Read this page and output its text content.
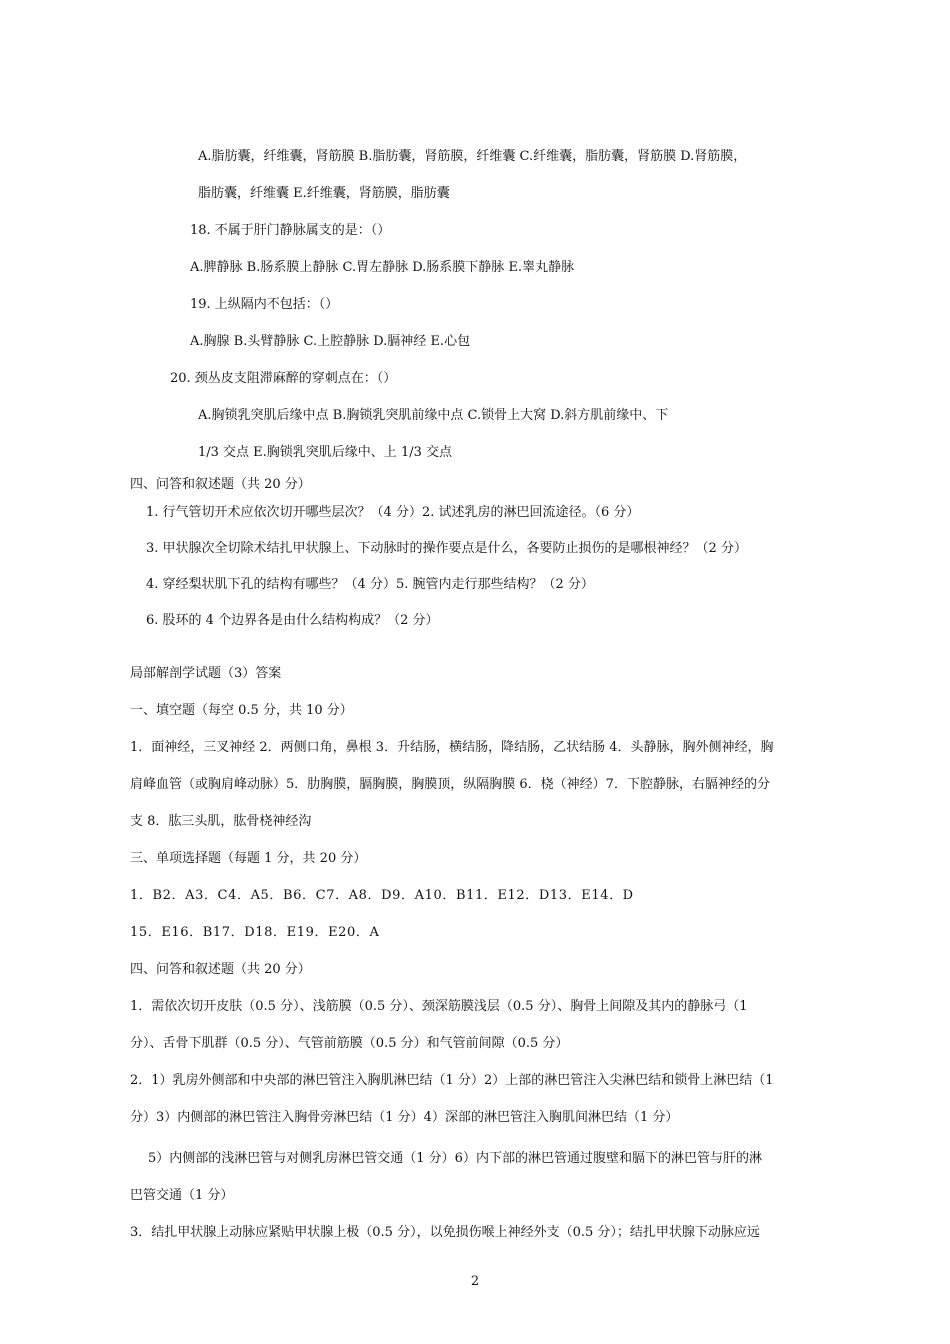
A.脂肪囊，纤维囊，肾筋膜 B.脂肪囊，肾筋膜，纤维囊 C.纤维囊，脂肪囊，肾筋膜 D.肾筋膜，
脂肪囊，纤维囊 E.纤维囊，肾筋膜，脂肪囊
18. 不属于肝门静脉属支的是：（）
A.脾静脉 B.肠系膜上静脉 C.胃左静脉 D.肠系膜下静脉 E.睾丸静脉
19. 上纵隔内不包括：（）
A.胸腺 B.头臂静脉 C.上腔静脉 D.膈神经 E.心包
20. 颈丛皮支阻滞麻醉的穿刺点在：（）
A.胸锁乳突肌后缘中点 B.胸锁乳突肌前缘中点 C.锁骨上大窝 D.斜方肌前缘中、下
1/3 交点 E.胸锁乳突肌后缘中、上 1/3 交点
四、问答和叙述题（共 20 分）
1. 行气管切开术应依次切开哪些层次？（4 分）2. 试述乳房的淋巴回流途径。（6 分）
3. 甲状腺次全切除术结扎甲状腺上、下动脉时的操作要点是什么，各要防止损伤的是哪根神经？（2 分）
4. 穿经梨状肌下孔的结构有哪些？（4 分）5. 腕管内走行那些结构？（2 分）
6. 股环的 4 个边界各是由什么结构构成？（2 分）
局部解剖学试题（3）答案
一、填空题（每空 0.5 分，共 10 分）
1．面神经，三叉神经 2．两侧口角，鼻根 3．升结肠，横结肠，降结肠，乙状结肠 4．头静脉，胸外侧神经，胸
肩峰血管（或胸肩峰动脉）5．肋胸膜，膈胸膜，胸膜顶，纵隔胸膜 6．桡（神经）7．下腔静脉，右膈神经的分
支 8．肱三头肌，肱骨桡神经沟
三、单项选择题（每题 1 分，共 20 分）
1．B2．A3．C4．A5．B6．C7．A8．D9．A10．B11．E12．D13．E14．D
15．E16．B17．D18．E19．E20．A
四、问答和叙述题（共 20 分）
1．需依次切开皮肤（0.5 分）、浅筋膜（0.5 分）、颈深筋膜浅层（0.5 分）、胸骨上间隙及其内的静脉弓（1
分）、舌骨下肌群（0.5 分）、气管前筋膜（0.5 分）和气管前间隙（0.5 分）
2．1）乳房外侧部和中央部的淋巴管注入胸肌淋巴结（1 分）2）上部的淋巴管注入尖淋巴结和锁骨上淋巴结（1
分）3）内侧部的淋巴管注入胸骨旁淋巴结（1 分）4）深部的淋巴管注入胸肌间淋巴结（1 分）
5）内侧部的浅淋巴管与对侧乳房淋巴管交通（1 分）6）内下部的淋巴管通过腹壁和膈下的淋巴管与肝的淋
巴管交通（1 分）
3．结扎甲状腺上动脉应紧贴甲状腺上极（0.5 分），以免损伤喉上神经外支（0.5 分）；结扎甲状腺下动脉应远
2
